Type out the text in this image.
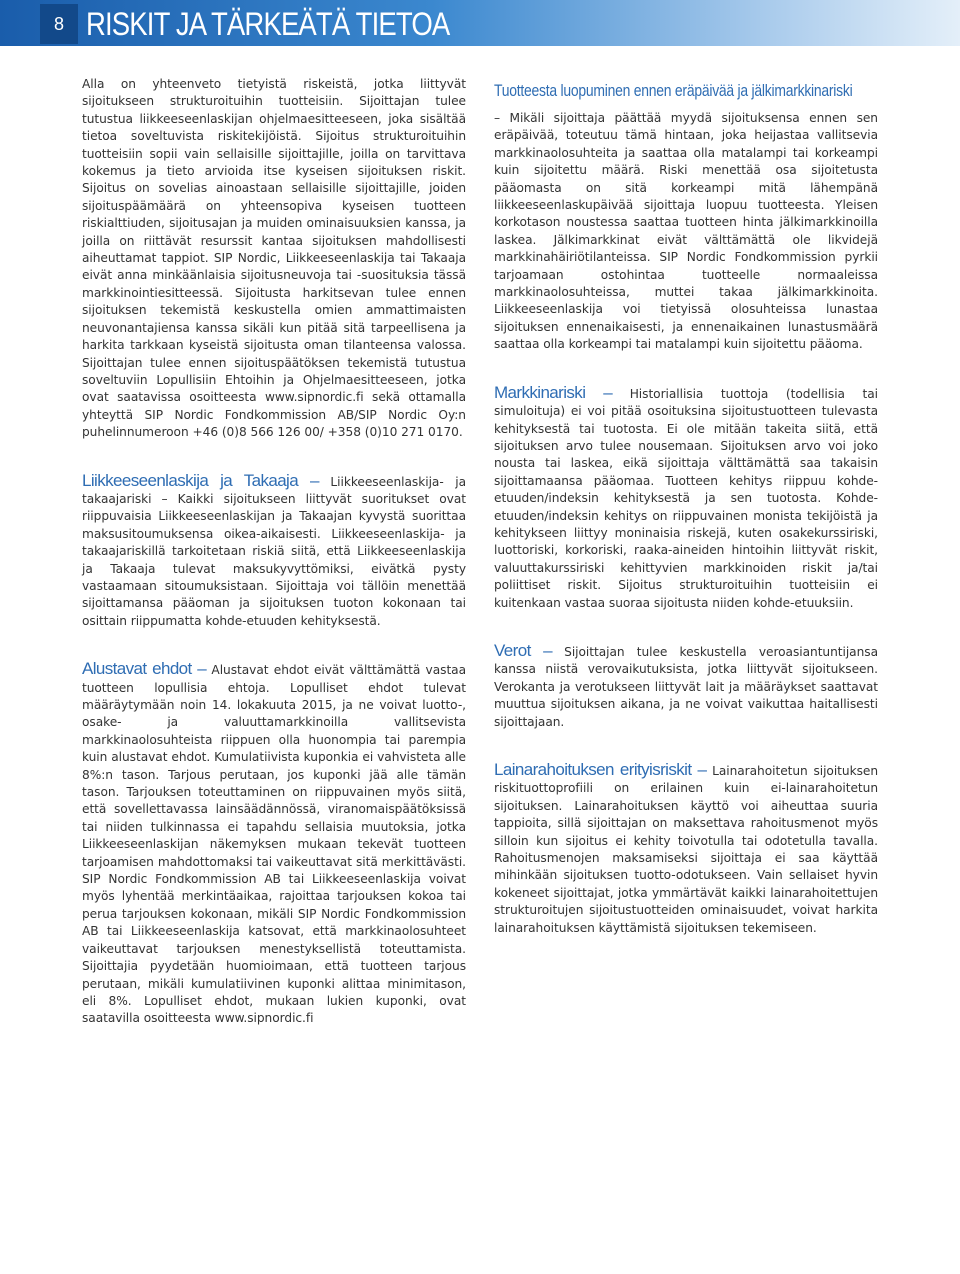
8 RISKIT JA TÄRKEÄTÄ TIETOA

Alla on yhteenveto tietyistä riskeistä, jotka liittyvät sijoitukseen strukturoituihin tuotteisiin. Sijoittajan tulee tutustua liikkeeseenlaskijan ohjelmaesitteeseen, joka sisältää tietoa soveltuvista riskitekijöistä. Sijoitus strukturoituihin tuotteisiin sopii vain sellaisille sijoittajille, joilla on tarvittava kokemus ja tieto arvioida itse kyseisen sijoituksen riskit. Sijoitus on sovelias ainoastaan sellaisille sijoittajille, joiden sijoituspäämäärä on yhteensopiva kyseisen tuotteen riskialttiuden, sijoitusajan ja muiden ominaisuuksien kanssa, ja joilla on riittävät resurssit kantaa sijoituksen mahdollisesti aiheuttamat tappiot. SIP Nordic, Liikkeeseenlaskija tai Takaaja eivät anna minkäänlaisia sijoitusneuvoja tai -suosituksia tässä markkinointiesitteessä. Sijoitusta harkitsevan tulee ennen sijoituksen tekemistä keskustella omien ammattimaisten neuvonantajiensa kanssa sikäli kun pitää sitä tarpeellisena ja harkita tarkkaan kyseistä sijoitusta oman tilanteensa valossa. Sijoittajan tulee ennen sijoituspäätöksen tekemistä tutustua soveltuviin Lopullisiin Ehtoihin ja Ohjelmaesitteeseen, jotka ovat saatavissa osoitteesta www.sipnordic.fi sekä ottamalla yhteyttä SIP Nordic Fondkommission AB/SIP Nordic Oy:n puhelinnumeroon +46 (0)8 566 126 00/ +358 (0)10 271 0170.

Liikkeeseenlaskija ja Takaaja – Liikkeeseenlaskija- ja takaajariski – Kaikki sijoitukseen liittyvät suoritukset ovat riippuvaisia Liikkeeseenlaskijan ja Takaajan kyvystä suorittaa maksusitoumuksensa oikea-aikaisesti. Liikkeeseenlaskija- ja takaajariskillä tarkoitetaan riskiä siitä, että Liikkeeseenlaskija ja Takaaja tulevat maksukyvyttömiksi, eivätkä pysty vastaamaan sitoumuksistaan. Sijoittaja voi tällöin menettää sijoittamansa pääoman ja sijoituksen tuoton kokonaan tai osittain riippumatta kohde-etuuden kehityksestä.

Alustavat ehdot – Alustavat ehdot eivät välttämättä vastaa tuotteen lopullisia ehtoja. Lopulliset ehdot tulevat määräytymään noin 14. lokakuuta 2015, ja ne voivat luotto-, osake- ja valuuttamarkkinoilla vallitsevista markkinaolosuhteista riippuen olla huonompia tai parempia kuin alustavat ehdot. Kumulatiivista kuponkia ei vahvisteta alle 8%:n tason. Tarjous perutaan, jos kuponki jää alle tämän tason. Tarjouksen toteuttaminen on riippuvainen myös siitä, että sovellettavassa lainsäädännössä, viranomaispäätöksissä tai niiden tulkinnassa ei tapahdu sellaisia muutoksia, jotka Liikkeeseenlaskijan näkemyksen mukaan tekevät tuotteen tarjoamisen mahdottomaksi tai vaikeuttavat sitä merkittävästi. SIP Nordic Fondkommission AB tai Liikkeeseenlaskija voivat myös lyhentää merkintäaikaa, rajoittaa tarjouksen kokoa tai perua tarjouksen kokonaan, mikäli SIP Nordic Fondkommission AB tai Liikkeeseenlaskija katsovat, että markkinaolosuhteet vaikeuttavat tarjouksen menestyksellistä toteuttamista. Sijoittajia pyydetään huomioimaan, että tuotteen tarjous perutaan, mikäli kumulatiivinen kuponki alittaa minimitason, eli 8%. Lopulliset ehdot, mukaan lukien kuponki, ovat saatavilla osoitteesta www.sipnordic.fi

Tuotteesta luopuminen ennen eräpäivää ja jälkimarkkinariski

– Mikäli sijoittaja päättää myydä sijoituksensa ennen sen eräpäivää, toteutuu tämä hintaan, joka heijastaa vallitsevia markkinaolosuhteita ja saattaa olla matalampi tai korkeampi kuin sijoitettu määrä. Riski menettää osa sijoitetusta pääomasta on sitä korkeampi mitä lähempänä liikkeeseenlaskupäivää sijoittaja luopuu tuotteesta. Yleisen korkotason noustessa saattaa tuotteen hinta jälkimarkkinoilla laskea. Jälkimarkkinat eivät välttämättä ole likvidejä markkinahäiriötilanteissa. SIP Nordic Fondkommission pyrkii tarjoamaan ostohintaa tuotteelle normaaleissa markkinaolosuhteissa, muttei takaa jälkimarkkinoita. Liikkeeseenlaskija voi tietyissä olosuhteissa lunastaa sijoituksen ennenaikaisesti, ja ennenaikainen lunastusmäärä saattaa olla korkeampi tai matalampi kuin sijoitettu pääoma.

Markkinariski – Historiallisia tuottoja (todellisia tai simuloituja) ei voi pitää osoituksina sijoitustuotteen tulevasta kehityksestä tai tuotosta. Ei ole mitään takeita siitä, että sijoituksen arvo tulee nousemaan. Sijoituksen arvo voi joko nousta tai laskea, eikä sijoittaja välttämättä saa takaisin sijoittamaansa pääomaa. Tuotteen kehitys riippuu kohde-etuuden/indeksin kehityksestä ja sen tuotosta. Kohde-etuuden/indeksin kehitys on riippuvainen monista tekijöistä ja kehitykseen liittyy moninaisia riskejä, kuten osakekurssiriski, luottoriski, korkoriski, raaka-aineiden hintoihin liittyvät riskit, valuuttakurssiriski kehittyvien markkinoiden riskit ja/tai poliittiset riskit. Sijoitus strukturoituihin tuotteisiin ei kuitenkaan vastaa suoraa sijoitusta niiden kohde-etuuksiin.

Verot – Sijoittajan tulee keskustella veroasiantuntijansa kanssa niistä verovaikutuksista, jotka liittyvät sijoitukseen. Verokanta ja verotukseen liittyvät lait ja määräykset saattavat muuttua sijoituksen aikana, ja ne voivat vaikuttaa haitallisesti sijoittajaan.

Lainarahoituksen erityisriskit – Lainarahoitetun sijoituksen riskituottoprofiili on erilainen kuin ei-lainarahoitetun sijoituksen. Lainarahoituksen käyttö voi aiheuttaa suuria tappioita, sillä sijoittajan on maksettava rahoitusmenot myös silloin kun sijoitus ei kehity toivotulla tai odotetulla tavalla. Rahoitusmenojen maksamiseksi sijoittaja ei saa käyttää mihinkään sijoituksen tuotto-odotukseen. Vain sellaiset hyvin kokeneet sijoittajat, jotka ymmärtävät kaikki lainarahoitettujen strukturoitujen sijoitustuotteiden ominaisuudet, voivat harkita lainarahoituksen käyttämistä sijoituksen tekemiseen.
